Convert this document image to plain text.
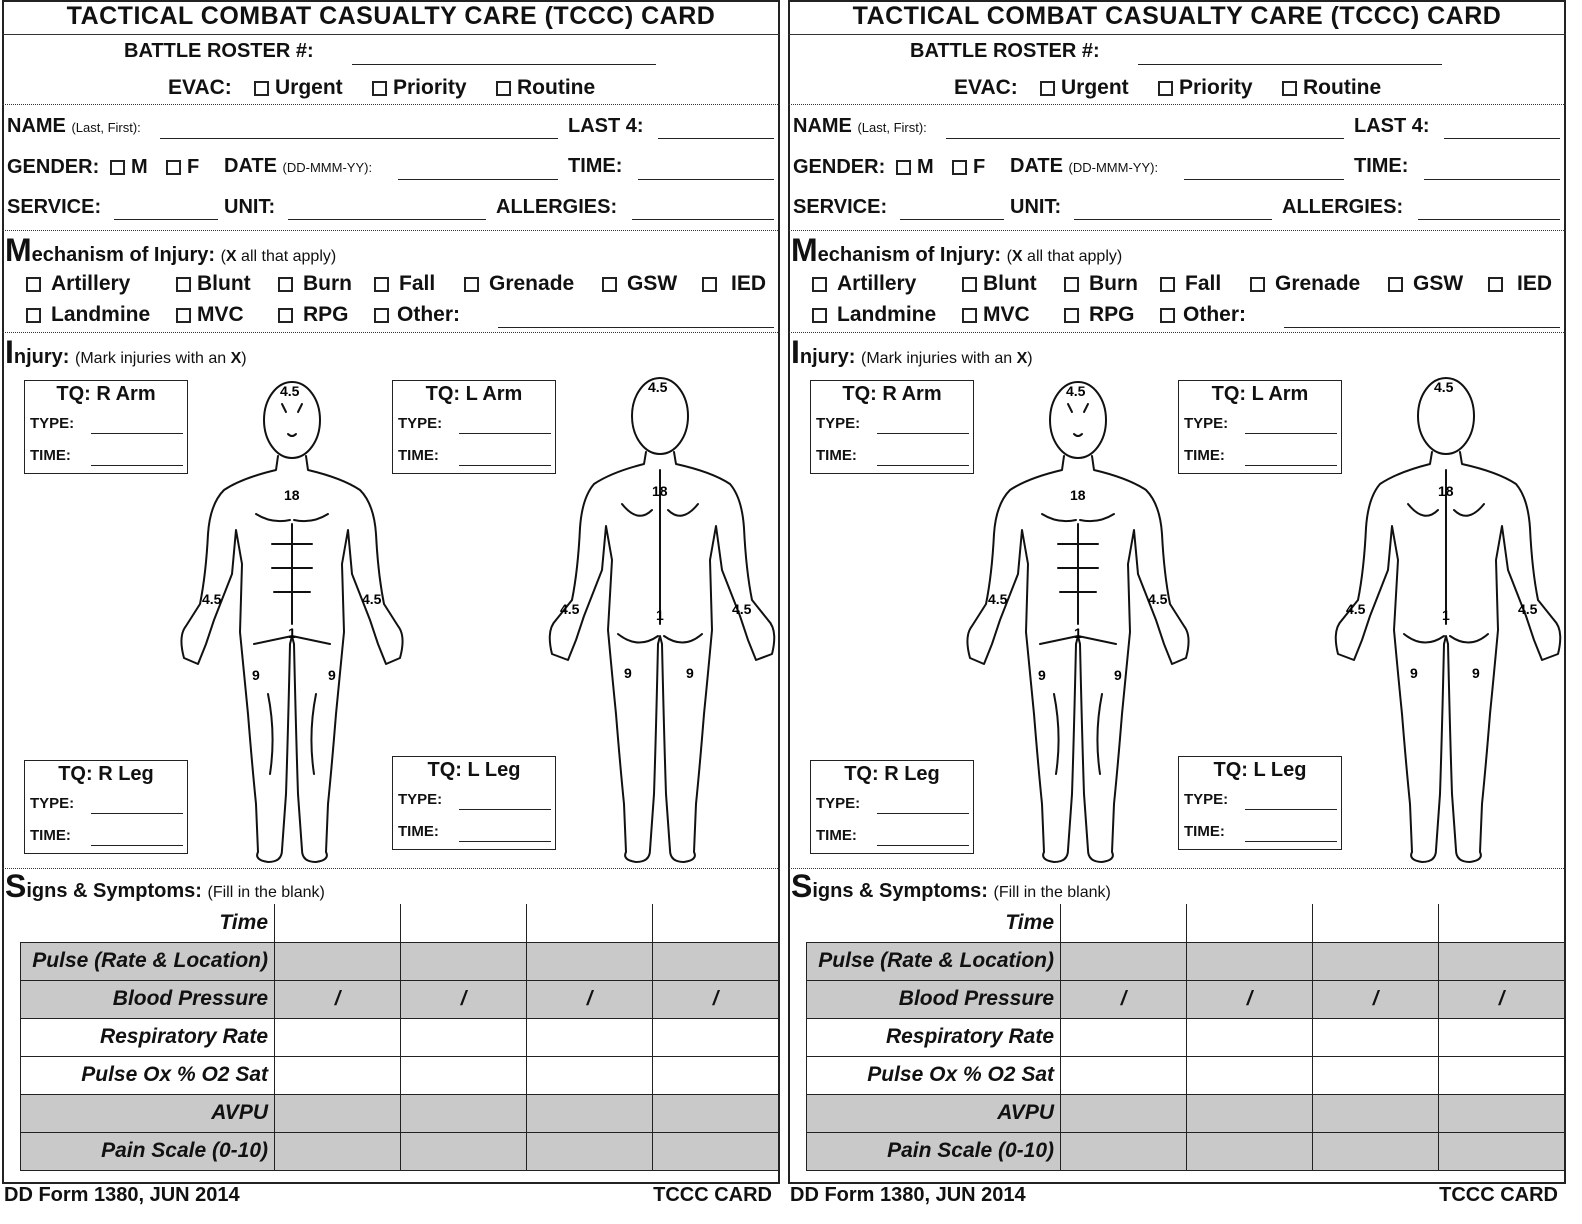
TACTICAL COMBAT CASUALTY CARE (TCCC) CARD
BATTLE ROSTER #:
EVAC:	Urgent	Priority	Routine
NAME (Last, First):	LAST 4:
GENDER:	M	F DATE (DD-MMM-YY):	TIME:
SERVICE:	UNIT:	ALLERGIES:
Mechanism of Injury: (X all that apply)
Artillery	Blunt	Burn	Fall	Grenade	GSW	IED
Landmine	MVC	RPG	Other:
Injury: (Mark injuries with an X)
4.5
18
4.5	4.5
1
9	9
4.5
18
4.5	4.5
1
9	9
TQ: R Arm
TYPE:
TIME:
TQ: L Arm
TYPE:
TIME:
TQ: R Leg
TYPE:
TIME:
TQ: L Leg
TYPE:
TIME:
Signs & Symptoms: (Fill in the blank)
Time				
Pulse (Rate & Location)				
Blood Pressure	/	/	/	/
Respiratory Rate				
Pulse Ox % O2 Sat				
AVPU				
Pain Scale (0-10)				
DD Form 1380, JUN 2014	TCCC CARD
TACTICAL COMBAT CASUALTY CARE (TCCC) CARD
BATTLE ROSTER #:
EVAC:	Urgent	Priority	Routine
NAME (Last, First):	LAST 4:
GENDER:	M	F DATE (DD-MMM-YY):	TIME:
SERVICE:	UNIT:	ALLERGIES:
Mechanism of Injury: (X all that apply)
Artillery	Blunt	Burn	Fall	Grenade	GSW	IED
Landmine	MVC	RPG	Other:
Injury: (Mark injuries with an X)
4.5
18
4.5	4.5
1
9	9
4.5
18
4.5	4.5
1
9	9
TQ: R Arm
TYPE:
TIME:
TQ: L Arm
TYPE:
TIME:
TQ: R Leg
TYPE:
TIME:
TQ: L Leg
TYPE:
TIME:
Signs & Symptoms: (Fill in the blank)
Time				
Pulse (Rate & Location)				
Blood Pressure	/	/	/	/
Respiratory Rate				
Pulse Ox % O2 Sat				
AVPU				
Pain Scale (0-10)				
DD Form 1380, JUN 2014	TCCC CARD
